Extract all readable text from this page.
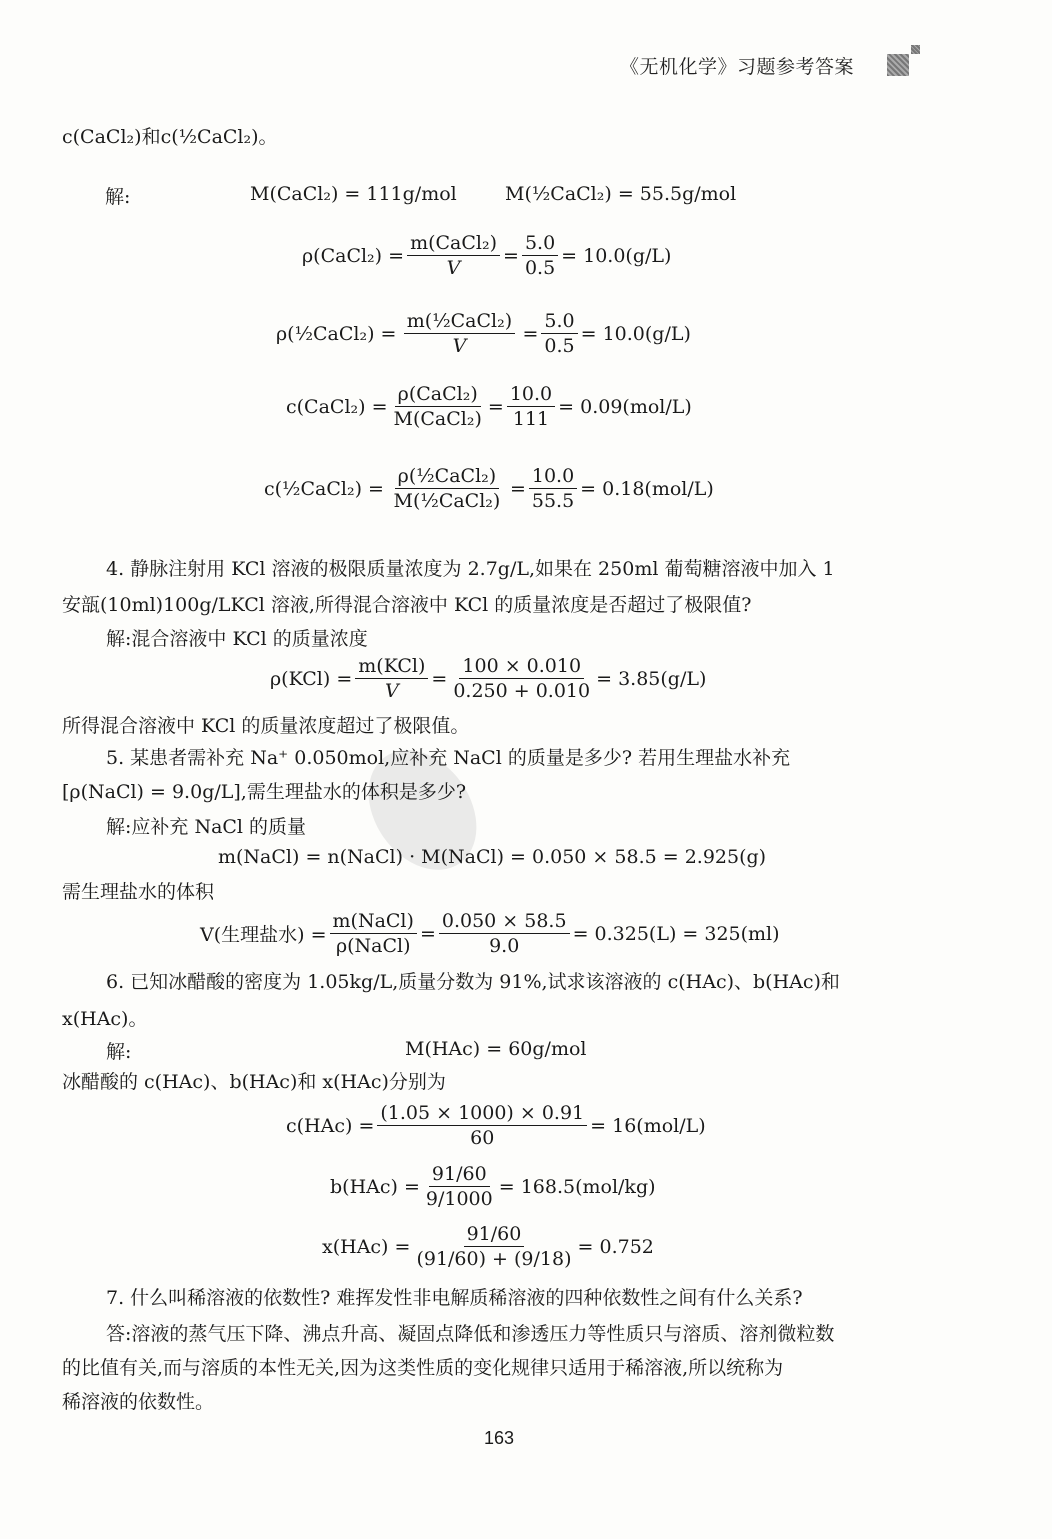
《无机化学》习题参考答案
c(CaCl₂)和c(½CaCl₂)。
解:	M(CaCl₂) = 111g/mol	M(½CaCl₂) = 55.5g/mol
ρ(CaCl₂) = $\frac{\text{m(CaCl₂)}}{V} = \frac{5.0}{0.5} = 10.0(g/L)$
ρ(½CaCl₂) = $\frac{\text{m(½CaCl₂)}}{V} = \frac{5.0}{0.5} = 10.0(g/L)$
c(CaCl₂) = $\frac{\text{ρ(CaCl₂)}}{\text{M(CaCl₂)}} = \frac{10.0}{111} = 0.09(mol/L)$
c(½CaCl₂) = $\frac{\text{ρ(½CaCl₂)}}{\text{M(½CaCl₂)}} = \frac{10.0}{55.5} = 0.18(mol/L)$
4. 静脉注射用 KCl 溶液的极限质量浓度为 2.7g/L,如果在 250ml 葡萄糖溶液中加入 1
安瓿(10ml)100g/LKCl 溶液,所得混合溶液中 KCl 的质量浓度是否超过了极限值?
解:混合溶液中 KCl 的质量浓度
$\rho(KCl) = \frac{\text{m(KCl)}}{V} = \frac{100 \times 0.010}{0.250 + 0.010} = 3.85(g/L)$
所得混合溶液中 KCl 的质量浓度超过了极限值。
5. 某患者需补充 Na⁺ 0.050mol,应补充 NaCl 的质量是多少? 若用生理盐水补充
[ρ(NaCl) = 9.0g/L],需生理盐水的体积是多少?
解:应补充 NaCl 的质量
m(NaCl) = n(NaCl) · M(NaCl) = 0.050 × 58.5 = 2.925(g)
需生理盐水的体积
V(生理盐水) = $\frac{\text{m(NaCl)}}{\text{ρ(NaCl)}} = \frac{0.050 \times 58.5}{9.0} = 0.325(L) = 325(ml)$
6. 已知冰醋酸的密度为 1.05kg/L,质量分数为 91%,试求该溶液的 c(HAc)、b(HAc)和
x(HAc)。
解:	M(HAc) = 60g/mol
冰醋酸的 c(HAc)、b(HAc)和 x(HAc)分别为
$c(HAc) = \frac{(1.05 \times 1000) \times 0.91}{60} = 16(mol/L)$
$b(HAc) = \frac{91/60}{9/1000} = 168.5(mol/kg)$
$x(HAc) = \frac{91/60}{(91/60) + (9/18)} = 0.752$
7. 什么叫稀溶液的依数性? 难挥发性非电解质稀溶液的四种依数性之间有什么关系?
答:溶液的蒸气压下降、沸点升高、凝固点降低和渗透压力等性质只与溶质、溶剂微粒数
的比值有关,而与溶质的本性无关,因为这类性质的变化规律只适用于稀溶液,所以统称为
稀溶液的依数性。
163
